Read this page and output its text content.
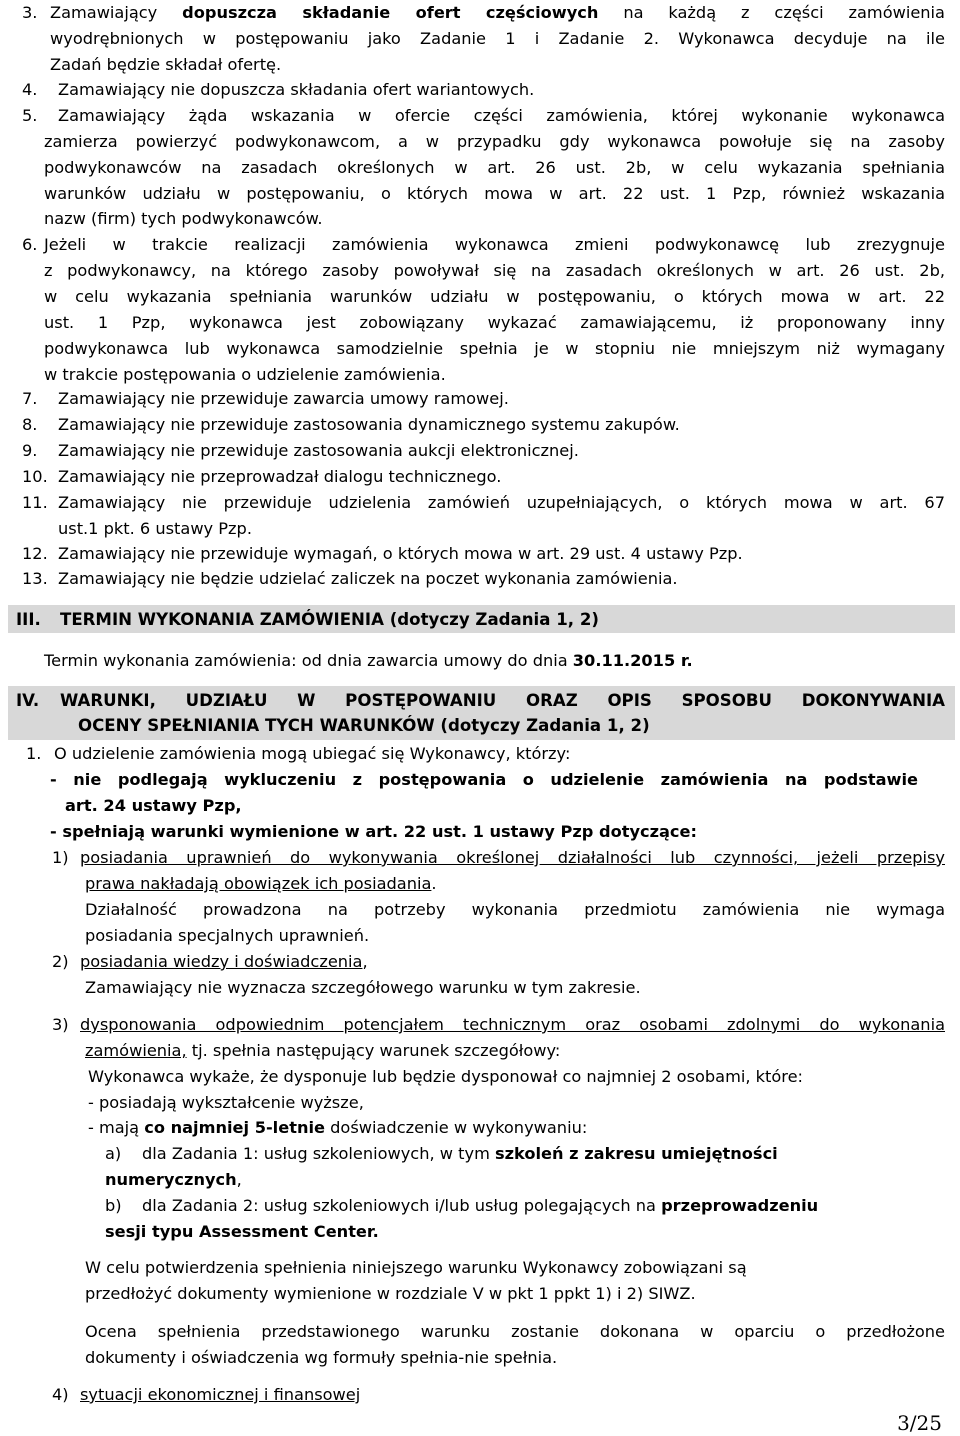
3. Zamawiający dopuszcza składanie ofert częściowych na każdą z części zamówienia
wyodrębnionych w postępowaniu jako Zadanie 1 i Zadanie 2. Wykonawca decyduje na ile
Zadań będzie składał ofertę.
4. Zamawiający nie dopuszcza składania ofert wariantowych.
5. Zamawiający żąda wskazania w ofercie części zamówienia, której wykonanie wykonawca
zamierza powierzyć podwykonawcom, a w przypadku gdy wykonawca powołuje się na zasoby
podwykonawców na zasadach określonych w art. 26 ust. 2b, w celu wykazania spełniania
warunków udziału w postępowaniu, o których mowa w art. 22 ust. 1 Pzp, również wskazania
nazw (firm) tych podwykonawców.
6. Jeżeli w trakcie realizacji zamówienia wykonawca zmieni podwykonawcę lub zrezygnuje
z podwykonawcy, na którego zasoby powoływał się na zasadach określonych w art. 26 ust. 2b,
w celu wykazania spełniania warunków udziału w postępowaniu, o których mowa w art. 22
ust. 1 Pzp, wykonawca jest zobowiązany wykazać zamawiającemu, iż proponowany inny
podwykonawca lub wykonawca samodzielnie spełnia je w stopniu nie mniejszym niż wymagany
w trakcie postępowania o udzielenie zamówienia.
7. Zamawiający nie przewiduje zawarcia umowy ramowej.
8. Zamawiający nie przewiduje zastosowania dynamicznego systemu zakupów.
9. Zamawiający nie przewiduje zastosowania aukcji elektronicznej.
10. Zamawiający nie przeprowadzał dialogu technicznego.
11. Zamawiający nie przewiduje udzielenia zamówień uzupełniających, o których mowa w art. 67
ust.1 pkt. 6 ustawy Pzp.
12. Zamawiający nie przewiduje wymagań, o których mowa w art. 29 ust. 4 ustawy Pzp.
13. Zamawiający nie będzie udzielać zaliczek na poczet wykonania zamówienia.
III. TERMIN WYKONANIA ZAMÓWIENIA (dotyczy Zadania 1, 2)
Termin wykonania zamówienia: od dnia zawarcia umowy do dnia 30.11.2015 r.
IV. WARUNKI, UDZIAŁU W POSTĘPOWANIU ORAZ OPIS SPOSOBU DOKONYWANIA
OCENY SPEŁNIANIA TYCH WARUNKÓW (dotyczy Zadania 1, 2)
1. O udzielenie zamówienia mogą ubiegać się Wykonawcy, którzy:
- nie podlegają wykluczeniu z postępowania o udzielenie zamówienia na podstawie
art. 24 ustawy Pzp,
- spełniają warunki wymienione w art. 22 ust. 1 ustawy Pzp dotyczące:
1) posiadania uprawnień do wykonywania określonej działalności lub czynności, jeżeli przepisy
prawa nakładają obowiązek ich posiadania.
Działalność prowadzona na potrzeby wykonania przedmiotu zamówienia nie wymaga
posiadania specjalnych uprawnień.
2) posiadania wiedzy i doświadczenia,
Zamawiający nie wyznacza szczegółowego warunku w tym zakresie.
3) dysponowania odpowiednim potencjałem technicznym oraz osobami zdolnymi do wykonania
zamówienia, tj. spełnia następujący warunek szczegółowy:
Wykonawca wykaże, że dysponuje lub będzie dysponował co najmniej 2 osobami, które:
- posiadają wykształcenie wyższe,
- mają co najmniej 5-letnie doświadczenie w wykonywaniu:
a) dla Zadania 1: usług szkoleniowych, w tym szkoleń z zakresu umiejętności
numerycznych,
b) dla Zadania 2: usług szkoleniowych i/lub usług polegających na przeprowadzeniu
sesji typu Assessment Center.
W celu potwierdzenia spełnienia niniejszego warunku Wykonawcy zobowiązani są
przedłożyć dokumenty wymienione w rozdziale V w pkt 1 ppkt 1) i 2) SIWZ.
Ocena spełnienia przedstawionego warunku zostanie dokonana w oparciu o przedłożone
dokumenty i oświadczenia wg formuły spełnia-nie spełnia.
4) sytuacji ekonomicznej i finansowej
3/25
